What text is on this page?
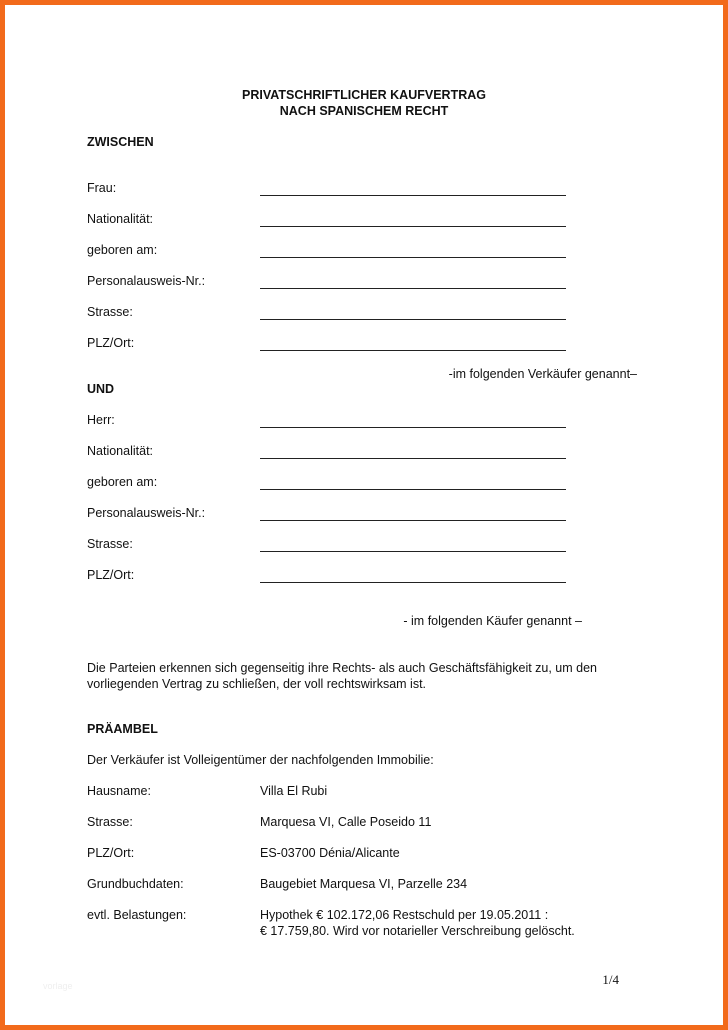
PRIVATSCHRIFTLICHER KAUFVERTRAG
NACH SPANISCHEM RECHT
ZWISCHEN
Frau:
Nationalität:
geboren am:
Personalausweis-Nr.:
Strasse:
PLZ/Ort:
-im folgenden Verkäufer genannt–
UND
Herr:
Nationalität:
geboren am:
Personalausweis-Nr.:
Strasse:
PLZ/Ort:
- im folgenden Käufer genannt –
Die Parteien erkennen sich gegenseitig ihre Rechts- als auch Geschäftsfähigkeit zu, um den vorliegenden Vertrag zu schließen, der voll rechtswirksam ist.
PRÄAMBEL
Der Verkäufer ist Volleigentümer der nachfolgenden Immobilie:
Hausname:	Villa El Rubi
Strasse:	Marquesa VI, Calle Poseido 11
PLZ/Ort:	ES-03700 Dénia/Alicante
Grundbuchdaten:	Baugebiet Marquesa VI, Parzelle 234
evtl. Belastungen:	Hypothek € 102.172,06 Restschuld per 19.05.2011 :
€ 17.759,80. Wird vor notarieller Verschreibung gelöscht.
vorlage	1/4
